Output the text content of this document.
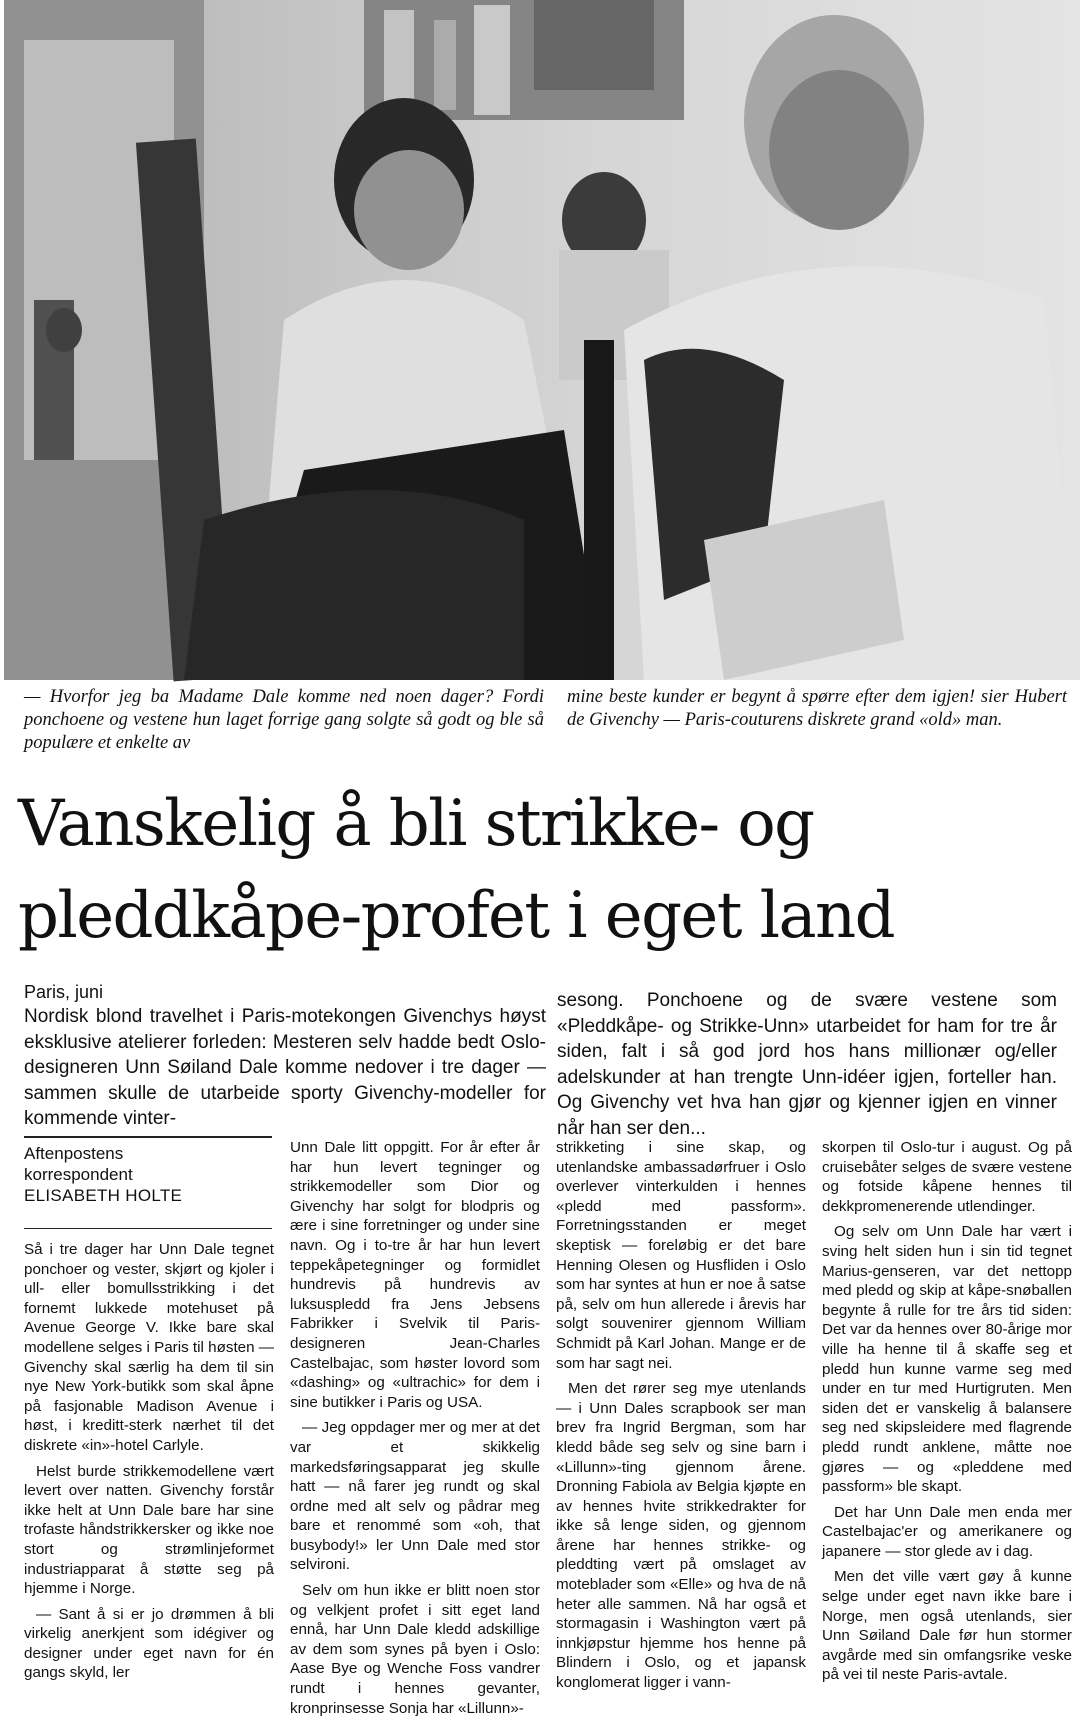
— Hvorfor jeg ba Madame Dale komme ned noen dager? Fordi ponchoene og vestene hun laget forrige gang solgte så godt og ble så populære et enkelte av
mine beste kunder er begynt å spørre efter dem igjen! sier Hubert de Givenchy — Paris-couturens diskrete grand «old» man.
Vanskelig å bli strikke- og
pleddkåpe-profet i eget land
Paris, juni
Nordisk blond travelhet i Paris-motekongen Givenchys høyst eksklusive atelierer forleden: Mesteren selv hadde bedt Oslo-designeren Unn Søiland Dale komme nedover i tre dager — sammen skulle de utarbeide sporty Givenchy-modeller for kommende vinter-
sesong. Ponchoene og de svære vestene som «Pleddkåpe- og Strikke-Unn» utarbeidet for ham for tre år siden, falt i så god jord hos hans millionær og/eller adelskunder at han trengte Unn-idéer igjen, forteller han. Og Givenchy vet hva han gjør og kjenner igjen en vinner når han ser den...
Aftenpostens
korrespondent

ELISABETH HOLTE

Så i tre dager har Unn Dale tegnet ponchoer og vester, skjørt og kjoler i ull- eller bomullsstrikking i det fornemt lukkede motehuset på Avenue George V. Ikke bare skal modellene selges i Paris til høsten — Givenchy skal særlig ha dem til sin nye New York-butikk som skal åpne på fasjonable Madison Avenue i høst, i kreditt-sterk nærhet til det diskrete «in»-hotel Carlyle.

Helst burde strikkemodellene vært levert over natten. Givenchy forstår ikke helt at Unn Dale bare har sine trofaste håndstrikkersker og ikke noe stort og strømlinjeformet industriapparat å støtte seg på hjemme i Norge.

— Sant å si er jo drømmen å bli virkelig anerkjent som idégiver og designer under eget navn for én gangs skyld, ler

Unn Dale litt oppgitt. For år efter år har hun levert tegninger og strikkemodeller som Dior og Givenchy har solgt for blodpris og ære i sine forretninger og under sine navn. Og i to-tre år har hun levert teppekåpetegninger og formidlet hundrevis på hundrevis av luksuspledd fra Jens Jebsens Fabrikker i Svelvik til Paris-designeren Jean-Charles Castelbajac, som høster lovord som «dashing» og «ultrachic» for dem i sine butikker i Paris og USA.

— Jeg oppdager mer og mer at det var et skikkelig markedsføringsapparat jeg skulle hatt — nå farer jeg rundt og skal ordne med alt selv og pådrar meg bare et renommé som «oh, that busybody!» ler Unn Dale med stor selvironi.

Selv om hun ikke er blitt noen stor og velkjent profet i sitt eget land ennå, har Unn Dale kledd adskillige av dem som synes på byen i Oslo: Aase Bye og Wenche Foss vandrer rundt i hennes gevanter, kronprinsesse Sonja har «Lillunn»-

strikketing i sine skap, og utenlandske ambassadørfruer i Oslo overlever vinterkulden i hennes «pledd med passform». Forretningsstanden er meget skeptisk — foreløbig er det bare Henning Olesen og Husfliden i Oslo som har syntes at hun er noe å satse på, selv om hun allerede i årevis har solgt souvenirer gjennom William Schmidt på Karl Johan. Mange er de som har sagt nei.

Men det rører seg mye utenlands — i Unn Dales scrapbook ser man brev fra Ingrid Bergman, som har kledd både seg selv og sine barn i «Lillunn»-ting gjennom årene. Dronning Fabiola av Belgia kjøpte en av hennes hvite strikkedrakter for ikke så lenge siden, og gjennom årene har hennes strikke- og pleddting vært på omslaget av moteblader som «Elle» og hva de nå heter alle sammen. Nå har også et stormagasin i Washington vært på innkjøpstur hjemme hos henne på Blindern i Oslo, og et japansk konglomerat ligger i vann-

skorpen til Oslo-tur i august. Og på cruisebåter selges de svære vestene og fotside kåpene hennes til dekkpromenerende utlendinger.

Og selv om Unn Dale har vært i sving helt siden hun i sin tid tegnet Marius-genseren, var det nettopp med pledd og skip at kåpe-snøballen begynte å rulle for tre års tid siden: Det var da hennes over 80-årige mor ville ha henne til å skaffe seg et pledd hun kunne varme seg med under en tur med Hurtigruten. Men siden det er vanskelig å balansere seg ned skipsleidere med flagrende pledd rundt anklene, måtte noe gjøres — og «pleddene med passform» ble skapt.

Det har Unn Dale men enda mer Castelbajac'er og amerikanere og japanere — stor glede av i dag.

Men det ville vært gøy å kunne selge under eget navn ikke bare i Norge, men også utenlands, sier Unn Søiland Dale før hun stormer avgårde med sin omfangsrike veske på vei til neste Paris-avtale.
